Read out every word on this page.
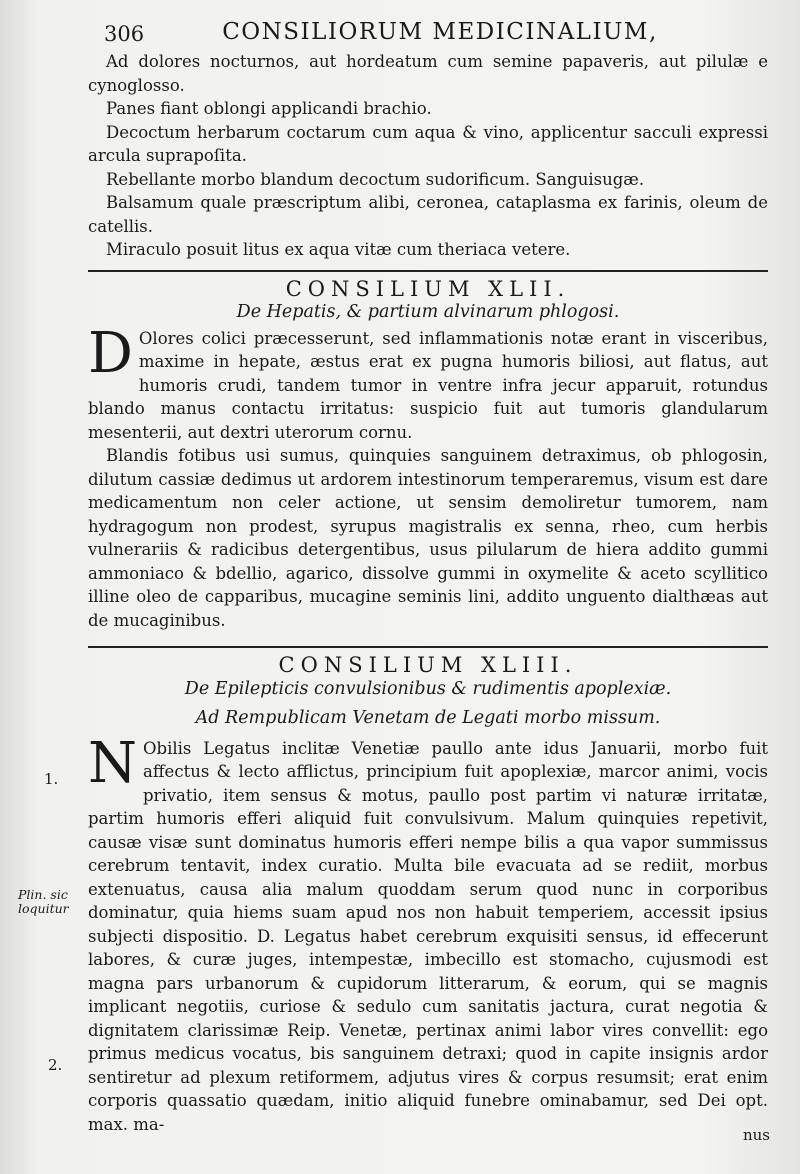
306	CONSILIORUM MEDICINALIUM,

Ad dolores nocturnos, aut hordeatum cum semine papaveris, aut pilulæ e cynoglosso.

Panes fiant oblongi applicandi brachio.

Decoctum herbarum coctarum cum aqua & vino, applicentur sacculi expressi arcula suprapoſita.

Rebellante morbo blandum decoctum sudorificum. Sanguisugæ.

Balsamum quale præscriptum alibi, ceronea, cataplasma ex farinis, oleum de catellis.

Miraculo posuit litus ex aqua vitæ cum theriaca vetere.

CONSILIUM XLII.
De Hepatis, & partium alvinarum phlogosi.

D Olores colici præcesserunt, sed inflammationis notæ erant in visceribus, maxime in hepate, æstus erat ex pugna humoris biliosi, aut flatus, aut humoris crudi, tandem tumor in ventre infra jecur apparuit, rotundus blando manus contactu irritatus: suspicio fuit aut tumoris glandularum mesenterii, aut dextri uterorum cornu.

Blandis fotibus usi sumus, quinquies sanguinem detraximus, ob phlogosin, dilutum cassiæ dedimus ut ardorem intestinorum temperaremus, visum est dare medicamentum non celer actione, ut sensim demoliretur tumorem, nam hydragogum non prodest, syrupus magistralis ex senna, rheo, cum herbis vulnerariis & radicibus detergentibus, usus pilularum de hiera addito gummi ammoniaco & bdellio, agarico, dissolve gummi in oxymelite & aceto scyllitico illine oleo de capparibus, mucagine seminis lini, addito unguento dialthæas aut de mucaginibus.

CONSILIUM XLIII.
De Epilepticis convulsionibus & rudimentis apoplexiæ.
Ad Rempublicam Venetam de Legati morbo missum.

N Obilis Legatus inclitæ Venetiæ paullo ante idus Januarii, morbo fuit affectus & lecto afflictus, principium fuit apoplexiæ, marcor animi, vocis privatio, item sensus & motus, paullo post partim vi naturæ irritatæ, partim humoris efferi aliquid fuit convulsivum. Malum quinquies repetivit, causæ visæ sunt dominatus humoris efferi nempe bilis a qua vapor summissus cerebrum tentavit, index curatio. Multa bile evacuata ad se rediit, morbus extenuatus, causa alia malum quoddam serum quod nunc in corporibus dominatur, quia hiems suam apud nos non habuit temperiem, accessit ipsius subjecti dispositio. D. Legatus habet cerebrum exquisiti sensus, id effecerunt labores, & curæ juges, intempestæ, imbecillo est stomacho, cujusmodi est magna pars urbanorum & cupidorum litterarum, & eorum, qui se magnis implicant negotiis, curiose & sedulo cum sanitatis jactura, curat negotia & dignitatem clarissimæ Reip. Venetæ, pertinax animi labor vires convellit: ego primus medicus vocatus, bis sanguinem detraxi; quod in capite insignis ardor sentiretur ad plexum retiformem, adjutus vires & corpus resumsit; erat enim corporis quassatio quædam, initio aliquid funebre ominabamur, sed Dei opt. max. ma-

1.
Plin. sic loquitur
2.
nus
